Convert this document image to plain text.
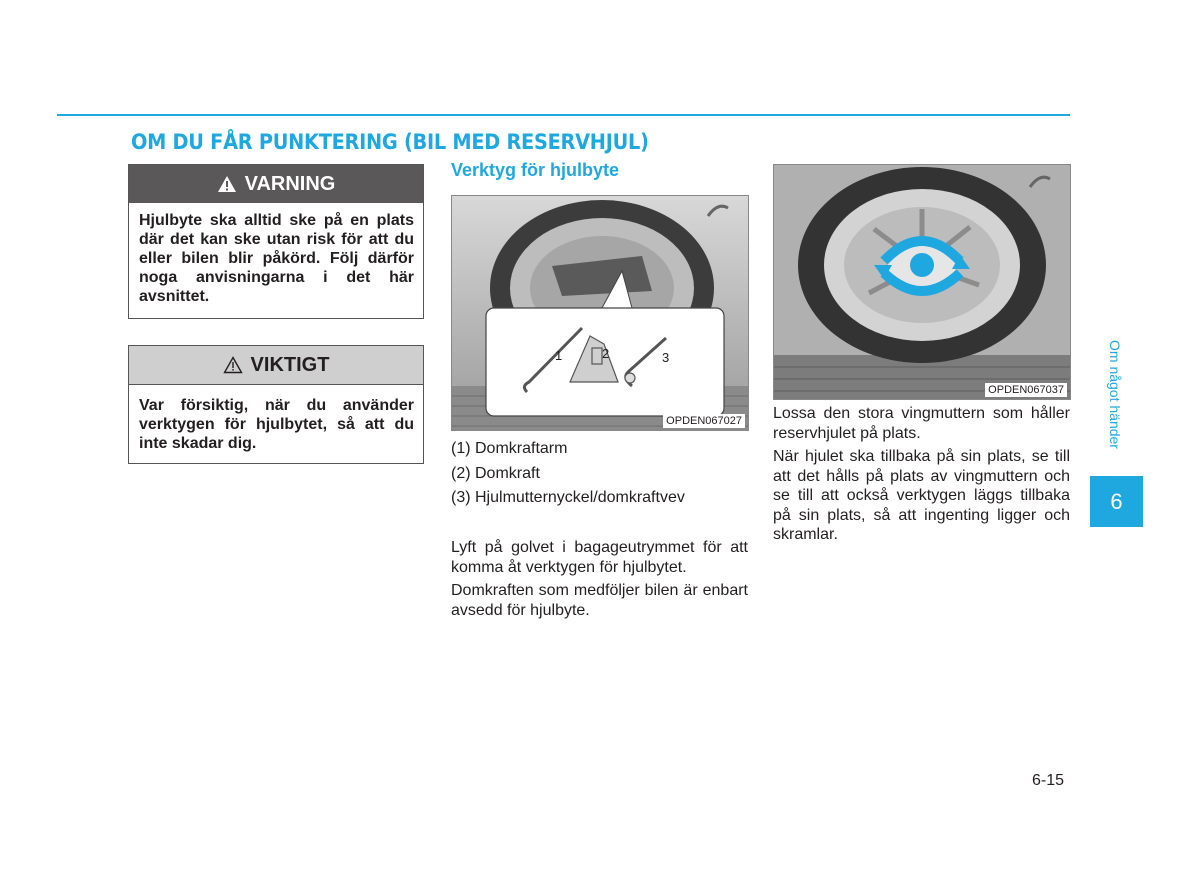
OM DU FÅR PUNKTERING (BIL MED RESERVHJUL)
VARNING
Hjulbyte ska alltid ske på en plats där det kan ske utan risk för att du eller bilen blir påkörd. Följ därför noga anvisningarna i det här avsnittet.
VIKTIGT
Var försiktig, när du använder verktygen för hjulbytet, så att du inte skadar dig.
Verktyg för hjulbyte
1	2	3
OPDEN067027
(1) Domkraftarm
(2) Domkraft
(3) Hjulmutternyckel/domkraftvev

Lyft på golvet i bagageutrymmet för att komma åt verktygen för hjulbytet.

Domkraften som medföljer bilen är enbart avsedd för hjulbyte.

OPDEN067037

Lossa den stora vingmuttern som håller reservhjulet på plats.

När hjulet ska tillbaka på sin plats, se till att det hålls på plats av vingmuttern och se till att också verktygen läggs tillbaka på sin plats, så att ingenting ligger och skramlar.

Om något händer
6
6-15
